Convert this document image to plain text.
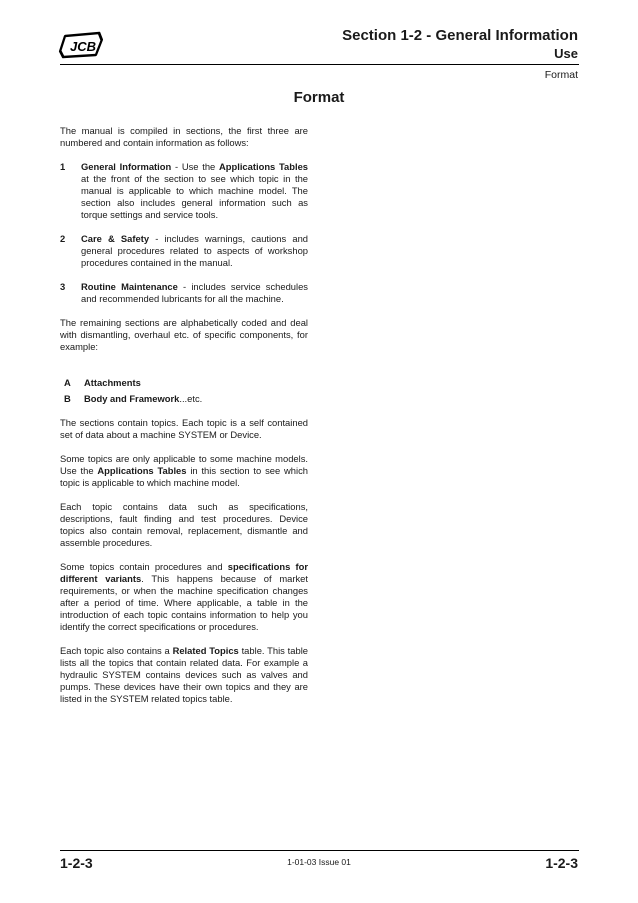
JCB
Section 1-2 - General Information
Use
Format
Format

The manual is compiled in sections, the first three are numbered and contain information as follows:

1	General Information - Use the Applications Tables at the front of the section to see which topic in the manual is applicable to which machine model. The section also includes general information such as torque settings and service tools.
2	Care & Safety - includes warnings, cautions and general procedures related to aspects of workshop procedures contained in the manual.
3	Routine Maintenance - includes service schedules and recommended lubricants for all the machine.

The remaining sections are alphabetically coded and deal with dismantling, overhaul etc. of specific components, for example:

A	Attachments
B	Body and Framework...etc.

The sections contain topics. Each topic is a self contained set of data about a machine SYSTEM or Device.

Some topics are only applicable to some machine models. Use the Applications Tables in this section to see which topic is applicable to which machine model.

Each topic contains data such as specifications, descriptions, fault finding and test procedures. Device topics also contain removal, replacement, dismantle and assemble procedures.

Some topics contain procedures and specifications for different variants. This happens because of market requirements, or when the machine specification changes after a period of time. Where applicable, a table in the introduction of each topic contains information to help you identify the correct specifications or procedures.

Each topic also contains a Related Topics table. This table lists all the topics that contain related data. For example a hydraulic SYSTEM contains devices such as valves and pumps. These devices have their own topics and they are listed in the SYSTEM related topics table.

1-2-3	1-01-03 Issue 01	1-2-3
